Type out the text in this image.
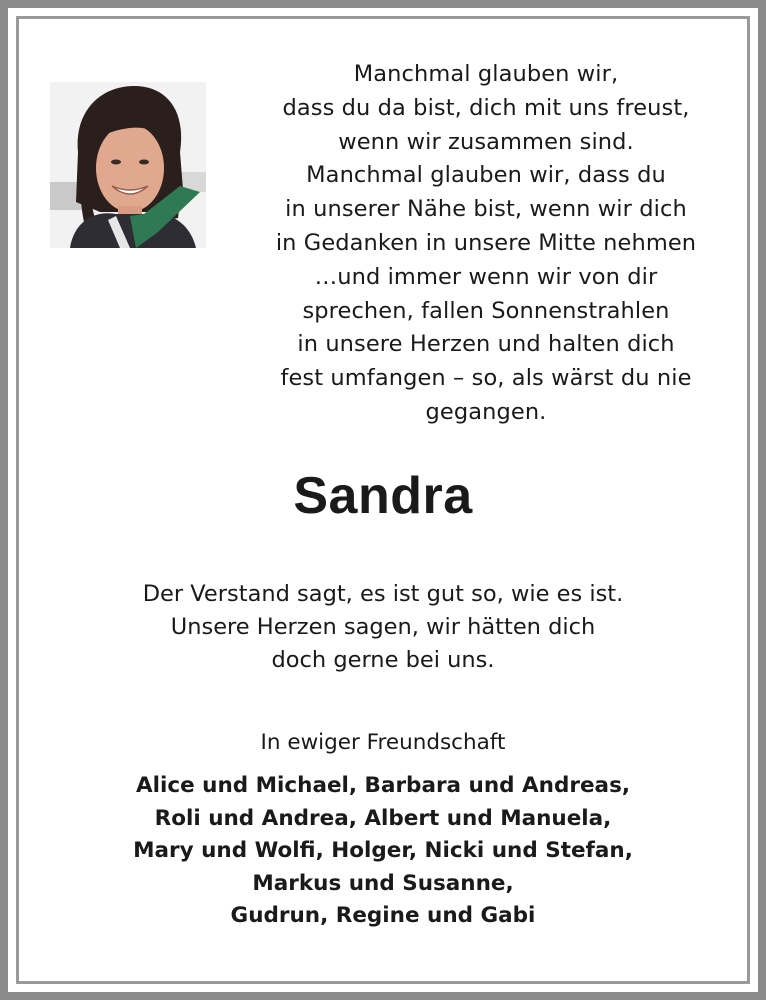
Manchmal glauben wir,
dass du da bist, dich mit uns freust,
wenn wir zusammen sind.
Manchmal glauben wir, dass du
in unserer Nähe bist, wenn wir dich
in Gedanken in unsere Mitte nehmen
…und immer wenn wir von dir
sprechen, fallen Sonnenstrahlen
in unsere Herzen und halten dich
fest umfangen – so, als wärst du nie
gegangen.
Sandra
Der Verstand sagt, es ist gut so, wie es ist.
Unsere Herzen sagen, wir hätten dich
doch gerne bei uns.
In ewiger Freundschaft
Alice und Michael, Barbara und Andreas,
Roli und Andrea, Albert und Manuela,
Mary und Wolfi, Holger, Nicki und Stefan,
Markus und Susanne,
Gudrun, Regine und Gabi
